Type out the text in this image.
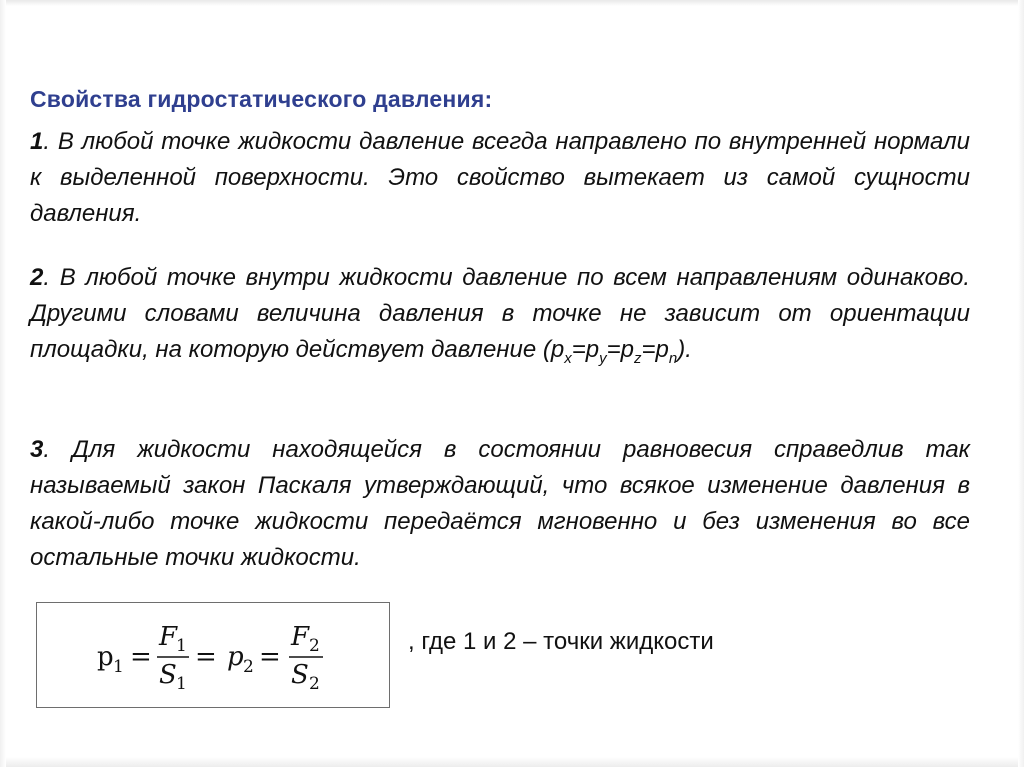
Свойства гидростатического давления:
1. В любой точке жидкости давление всегда направлено по внутренней нормали к выделенной поверхности. Это свойство вытекает из самой сущности давления.
2. В любой точке внутри жидкости давление по всем направлениям одинаково. Другими словами величина давления в точке не зависит от ориентации площадки, на которую действует давление $(p_x=p_y=p_z=p_n)$.
3. Для жидкости находящейся в состоянии равновесия справедлив так называемый закон Паскаля утверждающий, что всякое изменение давления в какой-либо точке жидкости передаётся мгновенно и без изменения во все остальные точки жидкости.
p 1 =
F
1
S 1
= p 2 =
F 2
S 2
, где 1 и 2 – точки жидкости
